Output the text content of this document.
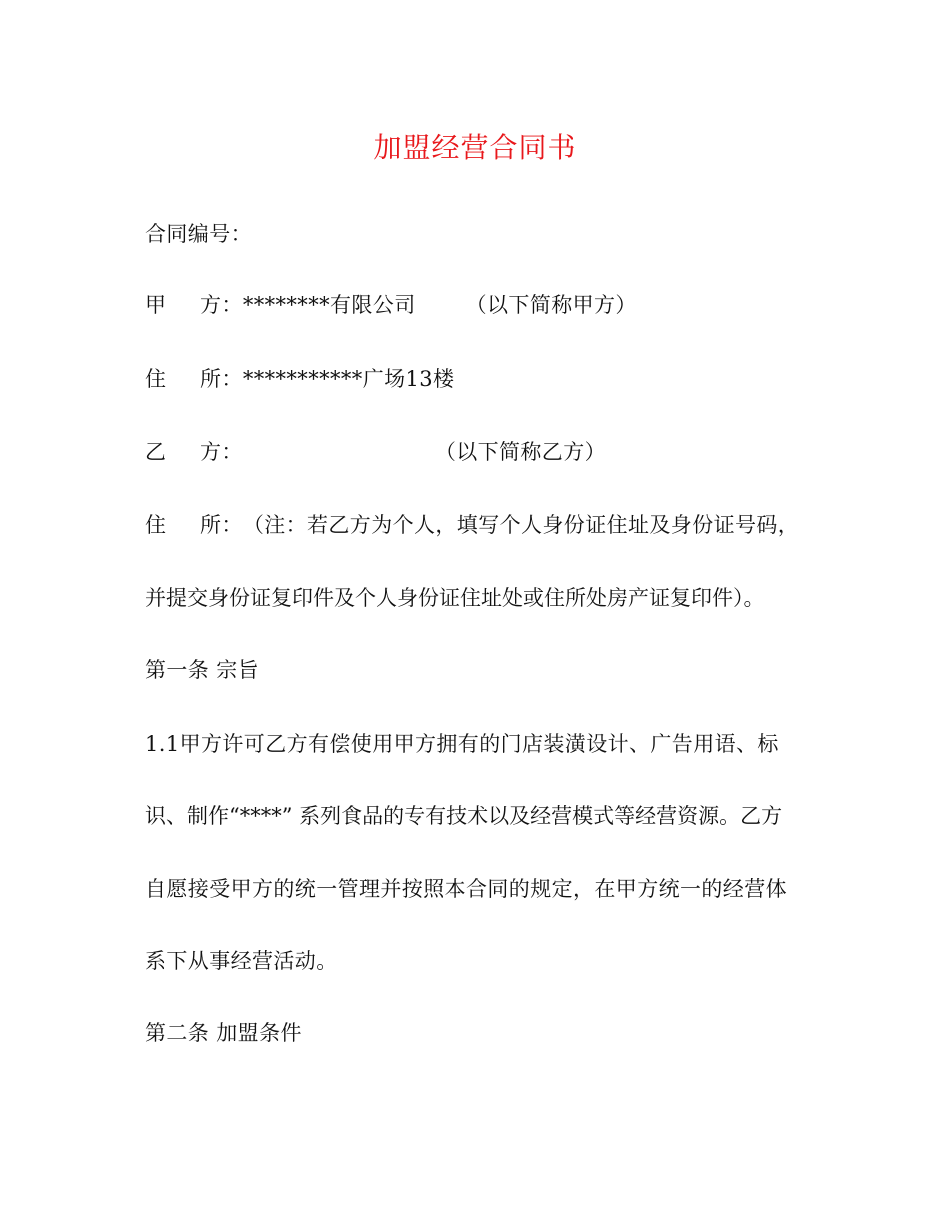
加盟经营合同书
合同编号：
甲 方：********有限公司 （以下简称甲方）
住 所：***********广场13楼
乙 方：	（以下简称乙方）
住 所：（注：若乙方为个人，填写个人身份证住址及身份证号码，
并提交身份证复印件及个人身份证住址处或住所处房产证复印件）。
第一条 宗旨
1.1甲方许可乙方有偿使用甲方拥有的门店装潢设计、广告用语、标
识、制作“****” 系列食品的专有技术以及经营模式等经营资源。乙方
自愿接受甲方的统一管理并按照本合同的规定，在甲方统一的经营体
系下从事经营活动。
第二条 加盟条件
